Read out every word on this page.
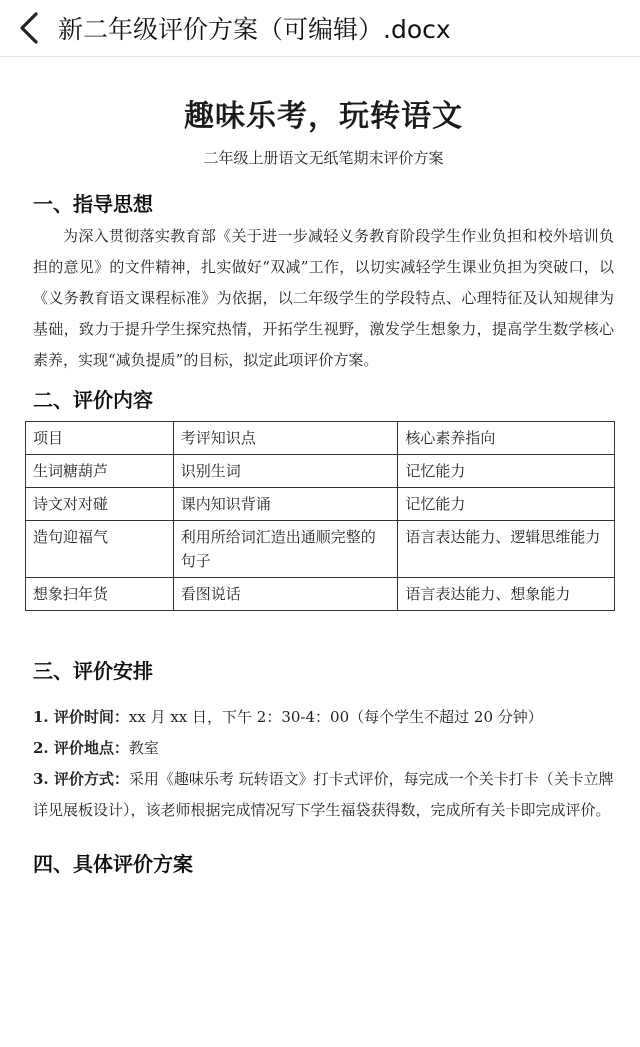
新二年级评价方案（可编辑）.docx
趣味乐考，玩转语文
二年级上册语文无纸笔期末评价方案
一、指导思想
为深入贯彻落实教育部《关于进一步减轻义务教育阶段学生作业负担和校外培训负担的意见》的文件精神，扎实做好“双减”工作，以切实减轻学生课业负担为突破口，以《义务教育语文课程标准》为依据，以二年级学生的学段特点、心理特征及认知规律为基础，致力于提升学生探究热情，开拓学生视野，激发学生想象力，提高学生数学核心素养，实现“减负提质”的目标，拟定此项评价方案。
二、评价内容
项目	考评知识点	核心素养指向
生词糖葫芦	识别生词	记忆能力
诗文对对碰	课内知识背诵	记忆能力
造句迎福气	利用所给词汇造出通顺完整的句子	语言表达能力、逻辑思维能力
想象扫年货	看图说话	语言表达能力、想象能力
三、评价安排
1. 评价时间：xx 月 xx 日，下午 2：30-4：00（每个学生不超过 20 分钟）
2. 评价地点：教室
3. 评价方式：采用《趣味乐考 玩转语文》打卡式评价，每完成一个关卡打卡（关卡立牌详见展板设计），该老师根据完成情况写下学生福袋获得数，完成所有关卡即完成评价。
四、具体评价方案
